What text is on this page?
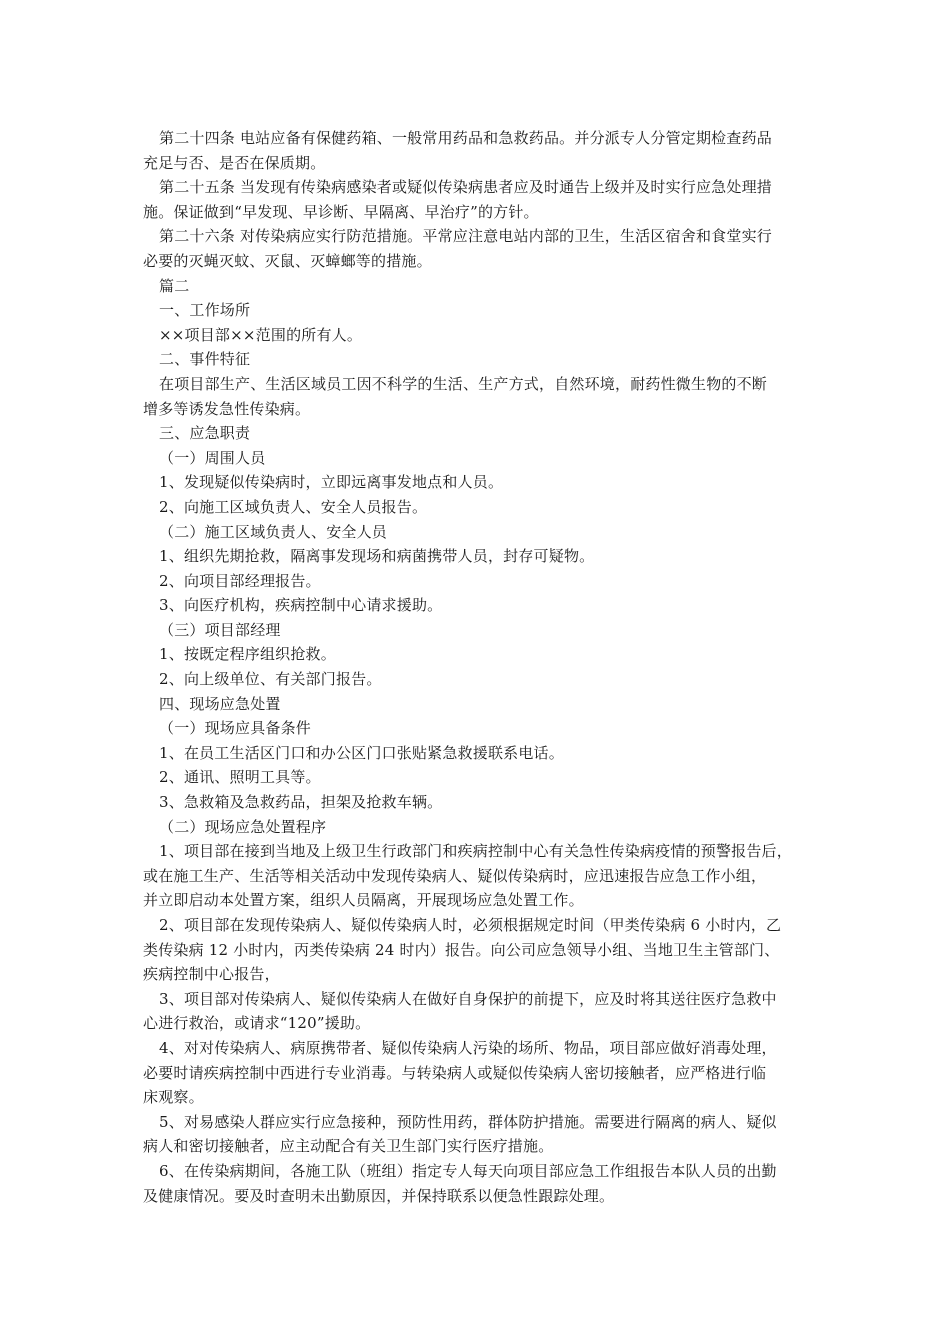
第二十四条 电站应备有保健药箱、一般常用药品和急救药品。并分派专人分管定期检查药品

充足与否、是否在保质期。

第二十五条 当发现有传染病感染者或疑似传染病患者应及时通告上级并及时实行应急处理措

施。保证做到“早发现、早诊断、早隔离、早治疗”的方针。

第二十六条 对传染病应实行防范措施。平常应注意电站内部的卫生，生活区宿舍和食堂实行

必要的灭蝇灭蚊、灭鼠、灭蟑螂等的措施。

篇二

一、工作场所

××项目部××范围的所有人。

二、事件特征

在项目部生产、生活区域员工因不科学的生活、生产方式，自然环境，耐药性微生物的不断

增多等诱发急性传染病。

三、应急职责

（一）周围人员

1、发现疑似传染病时，立即远离事发地点和人员。

2、向施工区域负责人、安全人员报告。

（二）施工区域负责人、安全人员

1、组织先期抢救，隔离事发现场和病菌携带人员，封存可疑物。

2、向项目部经理报告。

3、向医疗机构，疾病控制中心请求援助。

（三）项目部经理

1、按既定程序组织抢救。

2、向上级单位、有关部门报告。

四、现场应急处置

（一）现场应具备条件

1、在员工生活区门口和办公区门口张贴紧急救援联系电话。

2、通讯、照明工具等。

3、急救箱及急救药品，担架及抢救车辆。

（二）现场应急处置程序

1、项目部在接到当地及上级卫生行政部门和疾病控制中心有关急性传染病疫情的预警报告后，

或在施工生产、生活等相关活动中发现传染病人、疑似传染病时，应迅速报告应急工作小组，

并立即启动本处置方案，组织人员隔离，开展现场应急处置工作。

2、项目部在发现传染病人、疑似传染病人时，必须根据规定时间（甲类传染病 6 小时内，乙

类传染病 12 小时内，丙类传染病 24 时内）报告。向公司应急领导小组、当地卫生主管部门、

疾病控制中心报告，

3、项目部对传染病人、疑似传染病人在做好自身保护的前提下，应及时将其送往医疗急救中

心进行救治，或请求“120”援助。

4、对对传染病人、病原携带者、疑似传染病人污染的场所、物品，项目部应做好消毒处理，

必要时请疾病控制中西进行专业消毒。与转染病人或疑似传染病人密切接触者，应严格进行临

床观察。

5、对易感染人群应实行应急接种，预防性用药，群体防护措施。需要进行隔离的病人、疑似

病人和密切接触者，应主动配合有关卫生部门实行医疗措施。

6、在传染病期间，各施工队（班组）指定专人每天向项目部应急工作组报告本队人员的出勤

及健康情况。要及时查明未出勤原因，并保持联系以便急性跟踪处理。
